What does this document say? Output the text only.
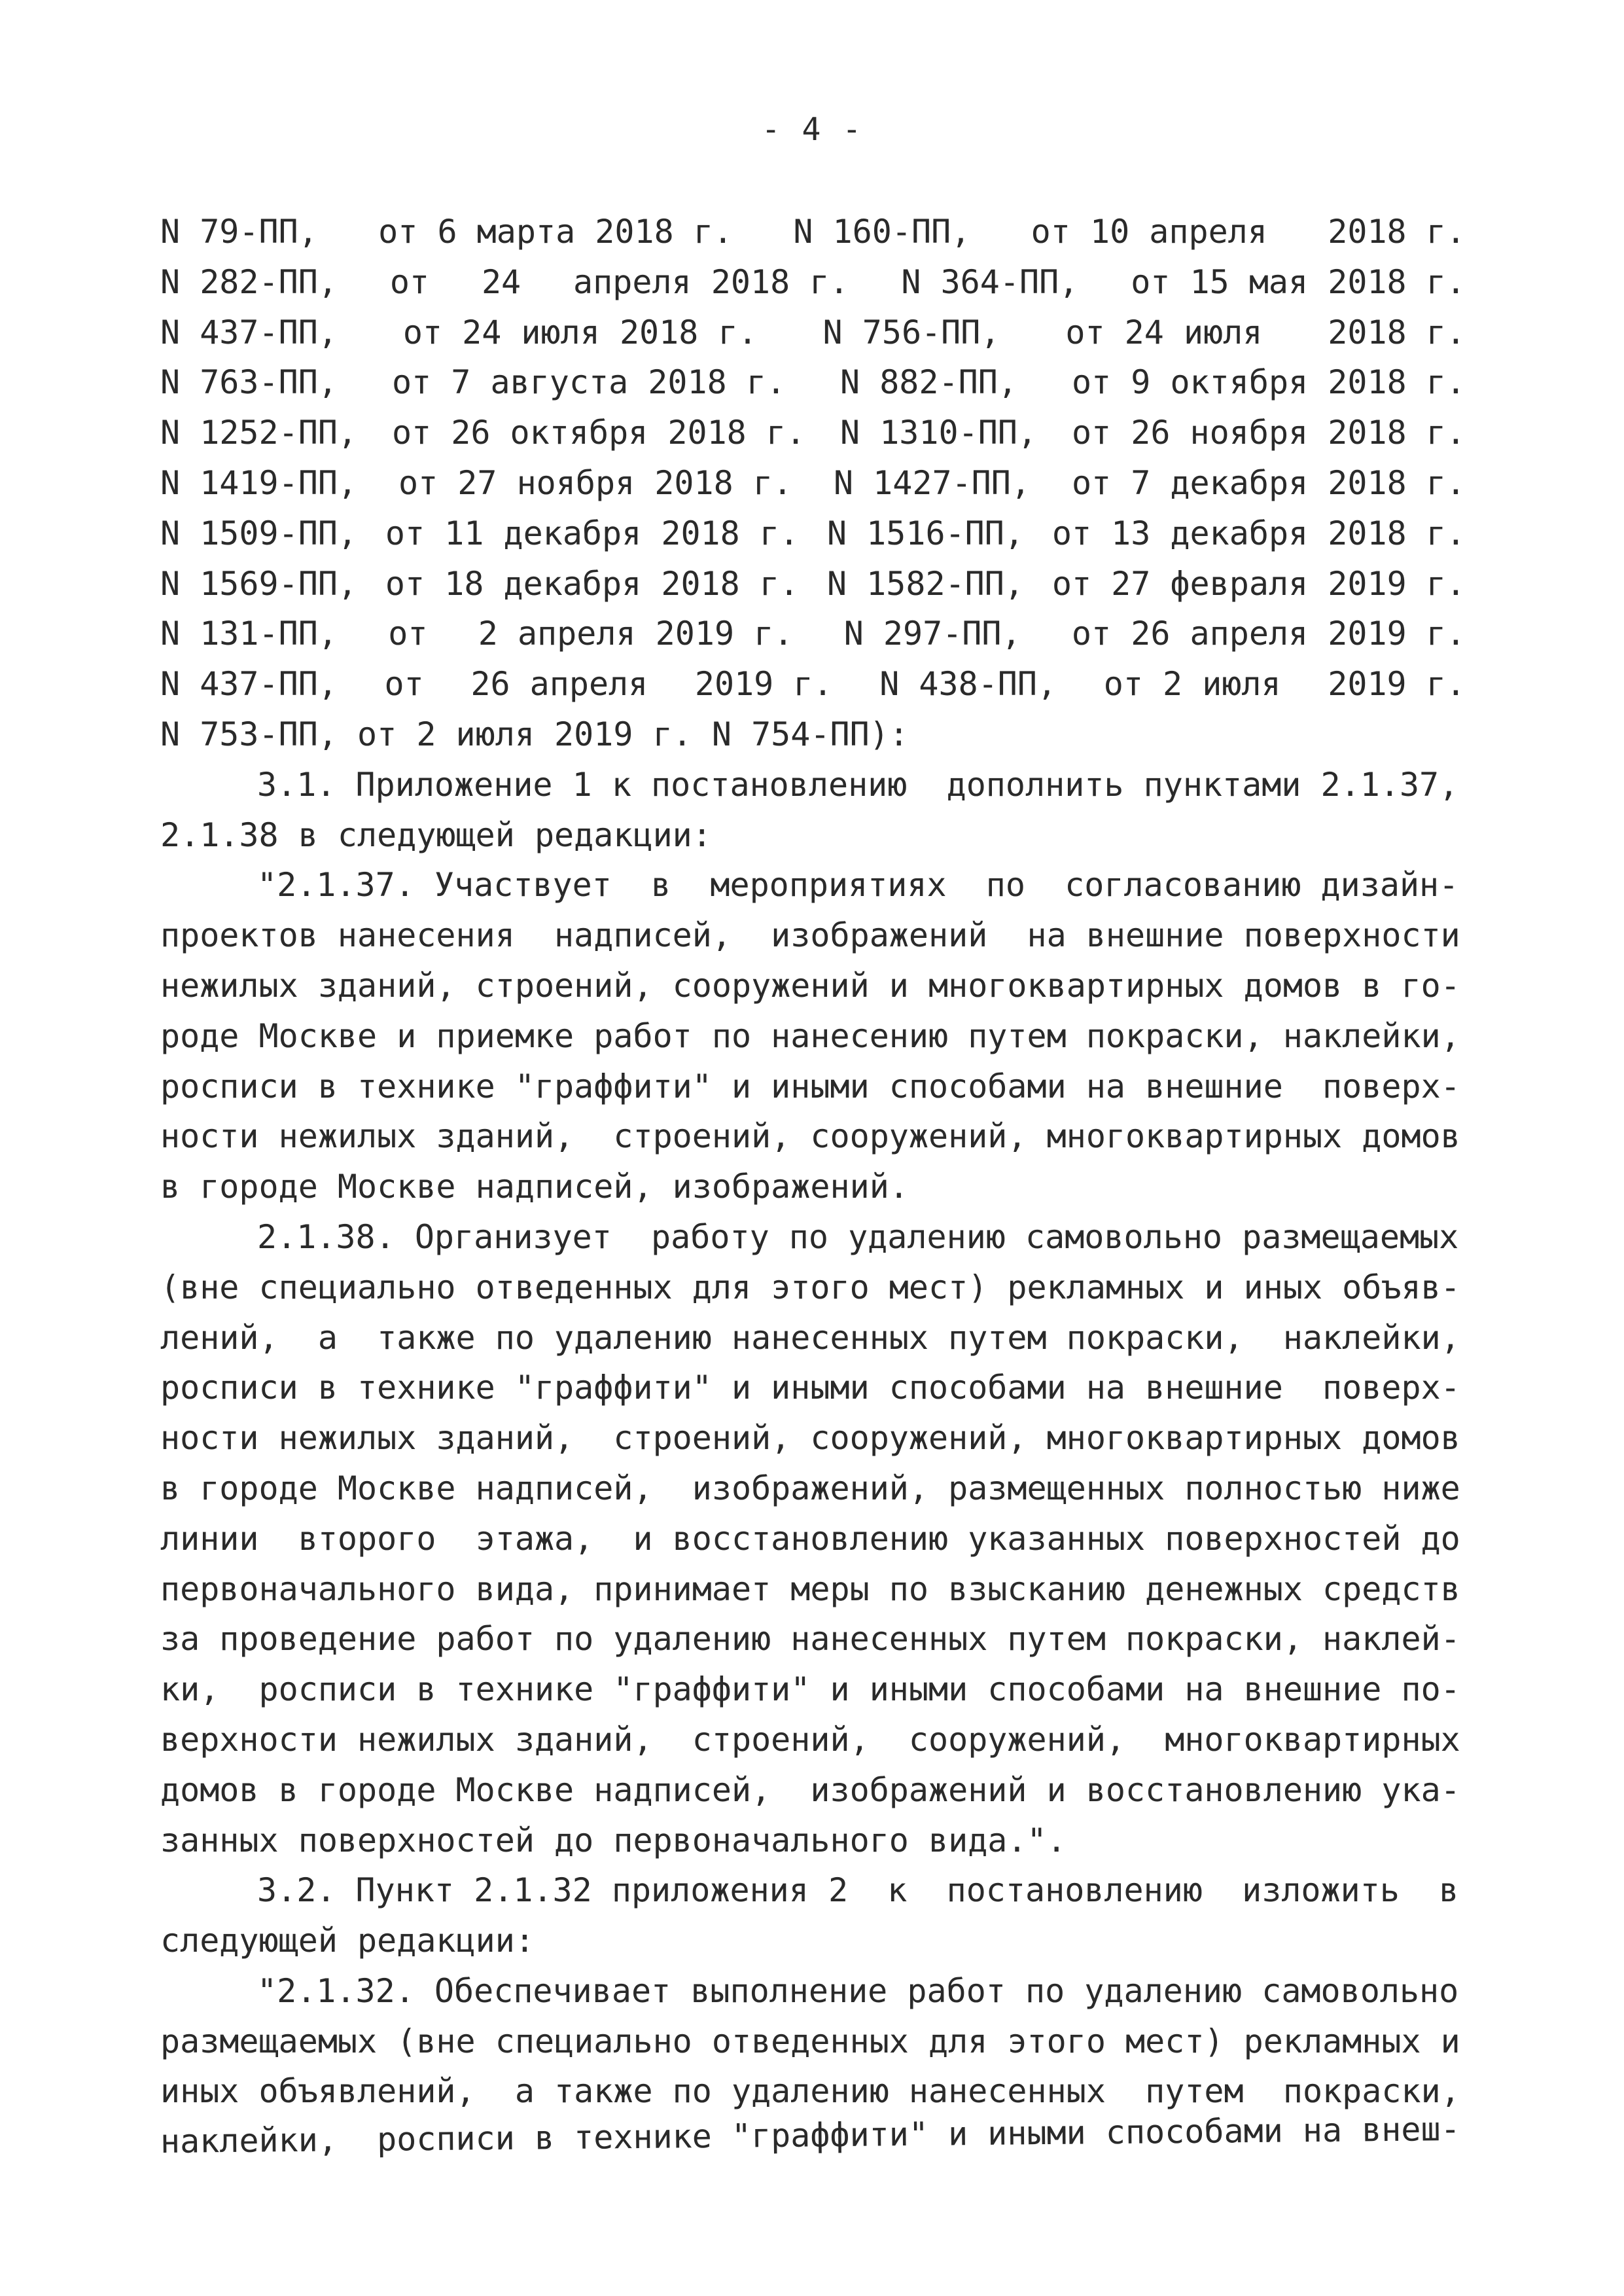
- 4 -
N 79-ПП, от 6 марта 2018 г. N 160-ПП, от 10 апреля 2018 г.
N 282-ПП, от 24 апреля 2018 г. N 364-ПП, от 15 мая 2018 г.
N 437-ПП, от 24 июля 2018 г. N 756-ПП, от 24 июля 2018 г.
N 763-ПП, от 7 августа 2018 г. N 882-ПП, от 9 октября 2018 г.
N 1252-ПП, от 26 октября 2018 г. N 1310-ПП, от 26 ноября 2018 г.
N 1419-ПП, от 27 ноября 2018 г. N 1427-ПП, от 7 декабря 2018 г.
N 1509-ПП, от 11 декабря 2018 г. N 1516-ПП, от 13 декабря 2018 г.
N 1569-ПП, от 18 декабря 2018 г. N 1582-ПП, от 27 февраля 2019 г.
N 131-ПП, от 2 апреля 2019 г. N 297-ПП, от 26 апреля 2019 г.
N 437-ПП, от 26 апреля 2019 г. N 438-ПП, от 2 июля 2019 г.
N 753-ПП, от 2 июля 2019 г. N 754-ПП):
3.1. Приложение 1 к постановлению  дополнить пунктами 2.1.37,
2.1.38 в следующей редакции:
"2.1.37. Участвует  в  мероприятиях  по  согласованию дизайн-
проектов нанесения  надписей,  изображений  на внешние поверхности
нежилых зданий, строений, сооружений и многоквартирных домов в го-
роде Москве и приемке работ по нанесению путем покраски, наклейки,
росписи в технике "граффити" и иными способами на внешние  поверх-
ности нежилых зданий,  строений, сооружений, многоквартирных домов
в городе Москве надписей, изображений.
2.1.38. Организует  работу по удалению самовольно размещаемых
(вне специально отведенных для этого мест) рекламных и иных объяв-
лений,  а  также по удалению нанесенных путем покраски,  наклейки,
росписи в технике "граффити" и иными способами на внешние  поверх-
ности нежилых зданий,  строений, сооружений, многоквартирных домов
в городе Москве надписей,  изображений, размещенных полностью ниже
линии  второго  этажа,  и восстановлению указанных поверхностей до
первоначального вида, принимает меры по взысканию денежных средств
за проведение работ по удалению нанесенных путем покраски, наклей-
ки,  росписи в технике "граффити" и иными способами на внешние по-
верхности нежилых зданий,  строений,  сооружений,  многоквартирных
домов в городе Москве надписей,  изображений и восстановлению ука-
занных поверхностей до первоначального вида.".
3.2. Пункт 2.1.32 приложения 2  к  постановлению  изложить  в
следующей редакции:
"2.1.32. Обеспечивает выполнение работ по удалению самовольно
размещаемых (вне специально отведенных для этого мест) рекламных и
иных объявлений,  а также по удалению нанесенных  путем  покраски,
наклейки,  росписи в технике "граффити" и иными способами на внеш-
